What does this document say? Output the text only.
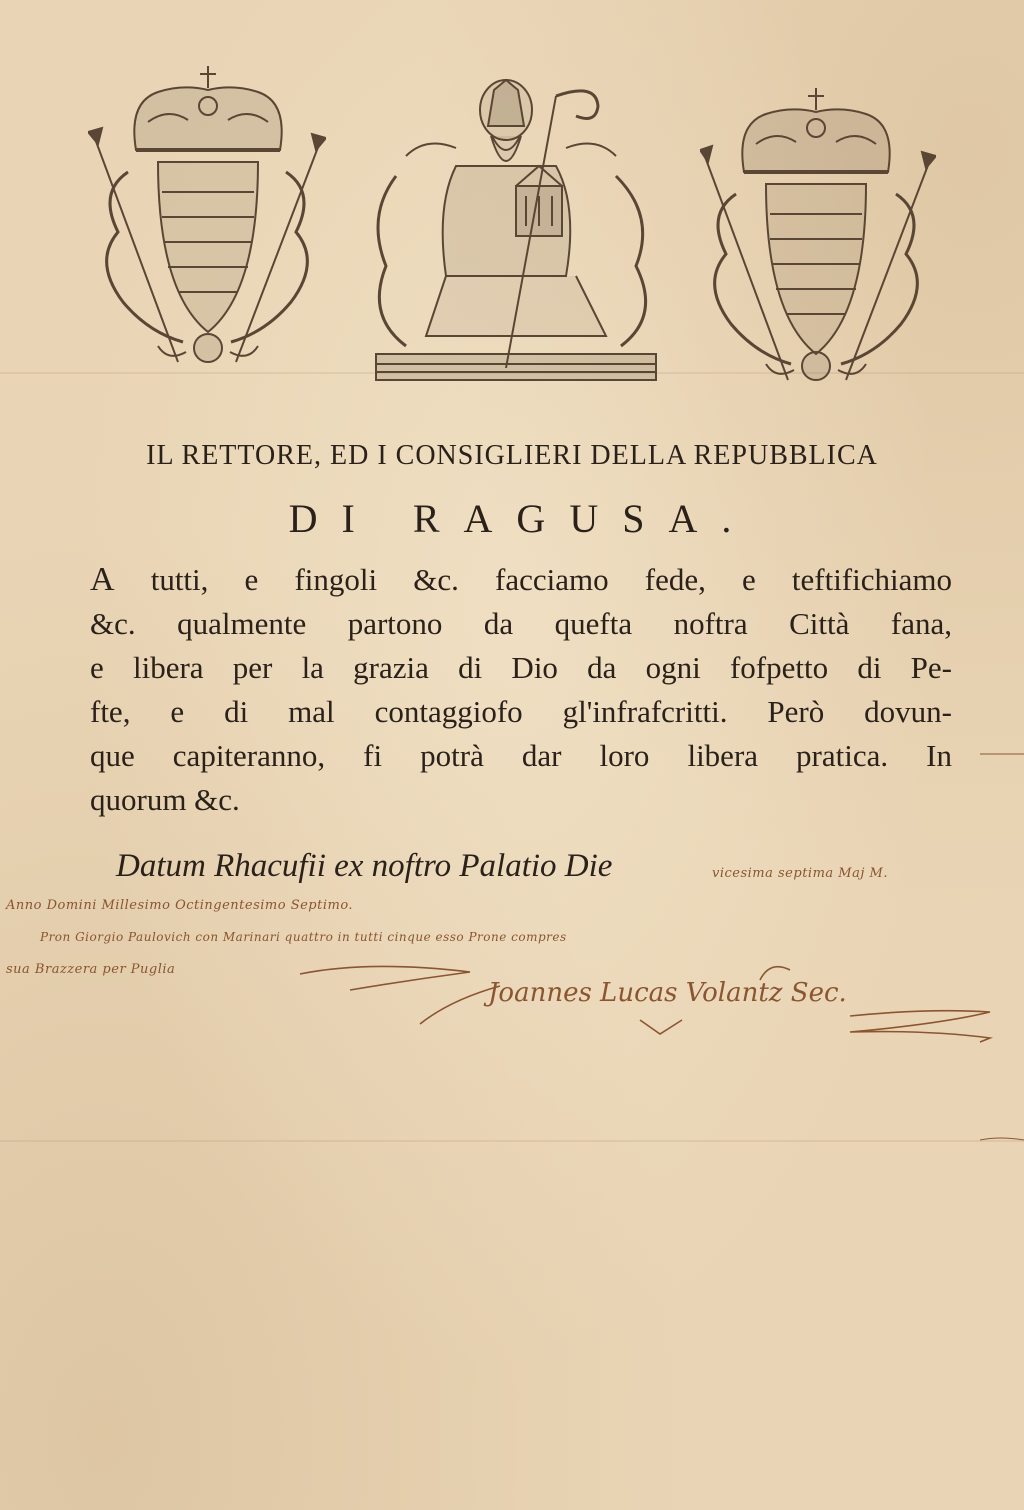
IL RETTORE, ED I CONSIGLIERI DELLA REPUBBLICA
DI RAGUSA.
A tutti, e fingoli &c. facciamo fede, e teftifichiamo
&c. qualmente partono da quefta noftra Città fana,
e libera per la grazia di Dio da ogni fofpetto di Pe-
fte, e di mal contaggiofo gl'infrafcritti. Però dovun-
que capiteranno, fi potrà dar loro libera pratica. In
quorum &c.
Datum Rhacufii ex noftro Palatio Die	vicesima septima Maj M.
Anno Domini Millesimo Octingentesimo Septimo.
Pron Giorgio Paulovich con Marinari quattro in tutti cinque esso Prone compres
sua Brazzera per Puglia
Joannes Lucas Volantz Sec.
